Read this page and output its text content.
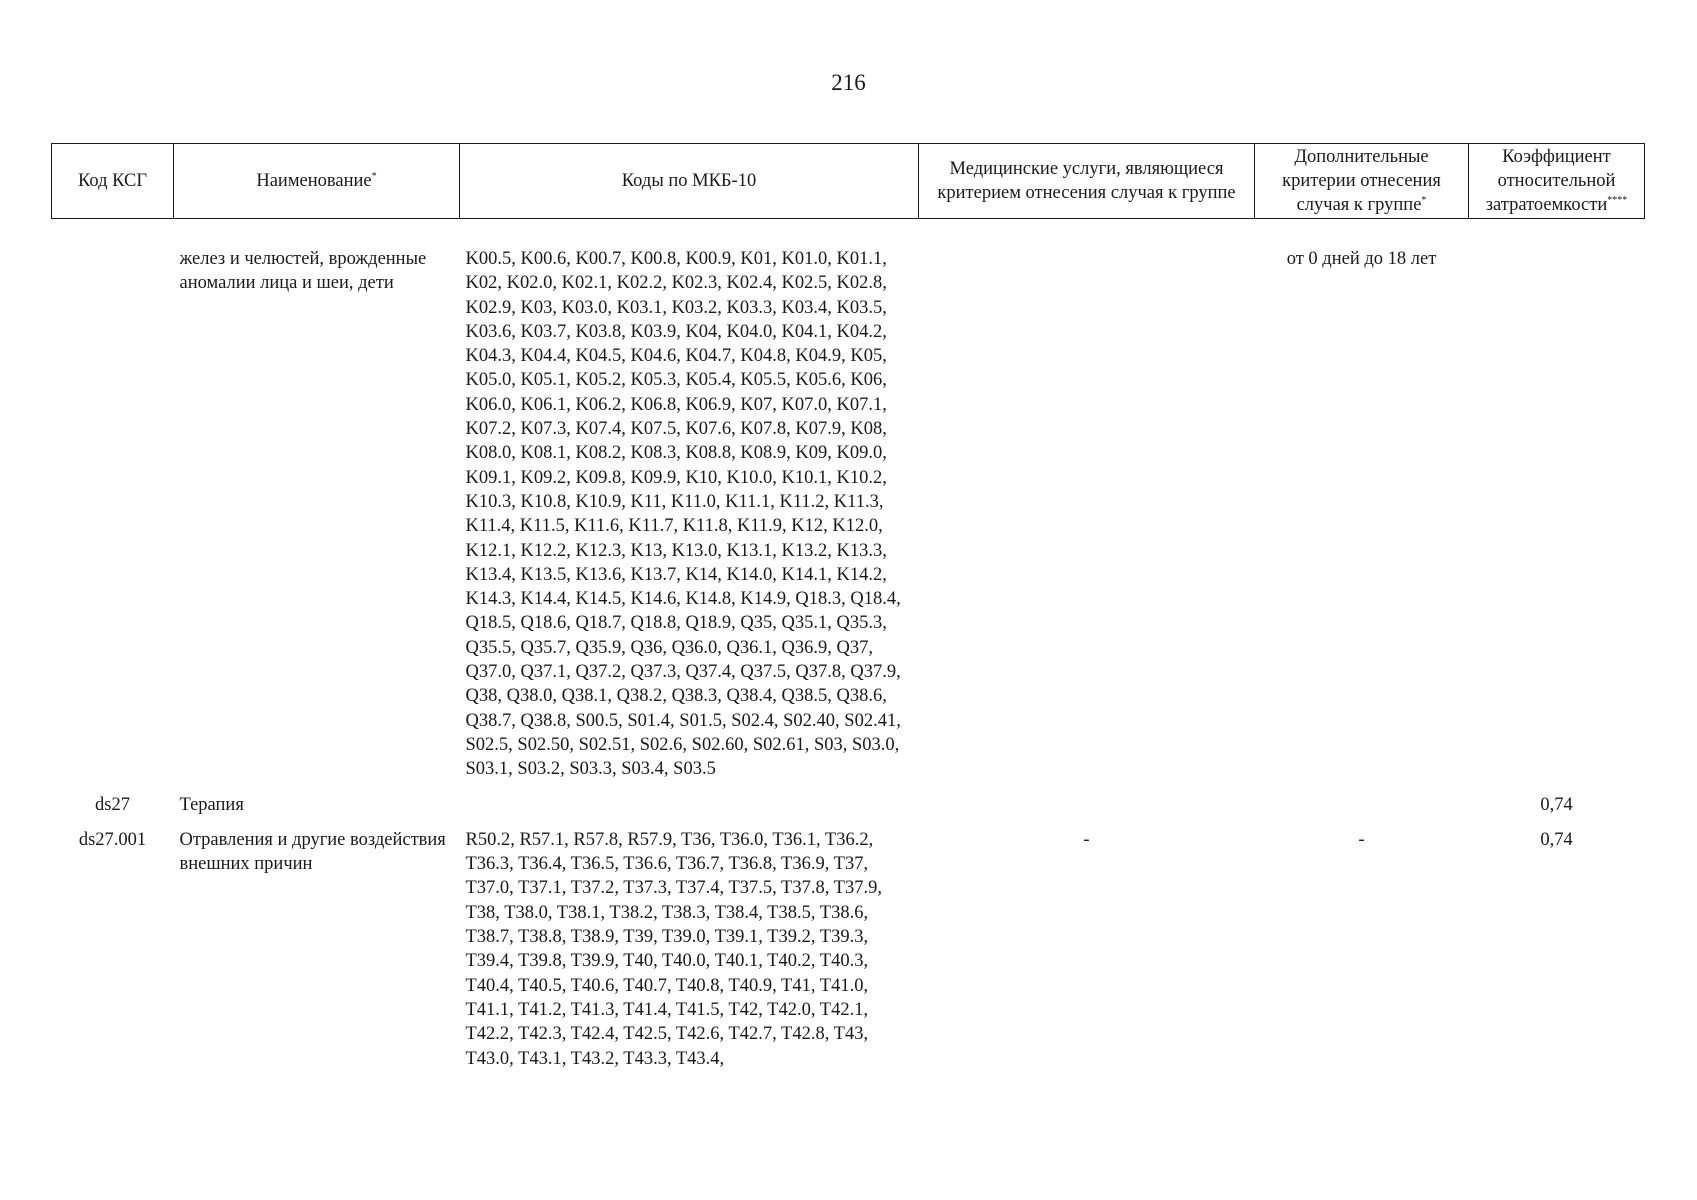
216
Код КСГ	Наименование*	Коды по МКБ-10	Медицинские услуги, являющиеся критерием отнесения случая к группе	Дополнительные критерии отнесения случая к группе*	Коэффициент относительной затратоемкости****
	желез‌ и челюстей, врожденные аномалии лица и шеи, дети	K00.5, K00.6, K00.7, K00.8, K00.9, K01, K01.0, K01.1, K02, K02.0, K02.1, K02.2, K02.3, K02.4, K02.5, K02.8, K02.9, K03, K03.0, K03.1, K03.2, K03.3, K03.4, K03.5, K03.6, K03.7, K03.8, K03.9, K04, K04.0, K04.1, K04.2, K04.3, K04.4, K04.5, K04.6, K04.7, K04.8, K04.9, K05, K05.0, K05.1, K05.2, K05.3, K05.4, K05.5, K05.6, K06, K06.0, K06.1, K06.2, K06.8, K06.9, K07, K07.0, K07.1, K07.2, K07.3, K07.4, K07.5, K07.6, K07.8, K07.9, K08, K08.0, K08.1, K08.2, K08.3, K08.8, K08.9, K09, K09.0, K09.1, K09.2, K09.8, K09.9, K10, K10.0, K10.1, K10.2, K10.3, K10.8, K10.9, K11, K11.0, K11.1, K11.2, K11.3, K11.4, K11.5, K11.6, K11.7, K11.8, K11.9, K12, K12.0, K12.1, K12.2, K12.3, K13, K13.0, K13.1, K13.2, K13.3, K13.4, K13.5, K13.6, K13.7, K14, K14.0, K14.1, K14.2, K14.3, K14.4, K14.5, K14.6, K14.8, K14.9, Q18.3, Q18.4, Q18.5, Q18.6, Q18.7, Q18.8, Q18.9, Q35, Q35.1, Q35.3, Q35.5, Q35.7, Q35.9, Q36, Q36.0, Q36.1, Q36.9, Q37, Q37.0, Q37.1, Q37.2, Q37.3, Q37.4, Q37.5, Q37.8, Q37.9, Q38, Q38.0, Q38.1, Q38.2, Q38.3, Q38.4, Q38.5, Q38.6, Q38.7, Q38.8, S00.5, S01.4, S01.5, S02.4, S02.40, S02.41, S02.5, S02.50, S02.51, S02.6, S02.60, S02.61, S03, S03.0, S03.1, S03.2, S03.3, S03.4, S03.5		от 0 дней до 18 лет	
ds27	Терапия				0,74
ds27.001	Отравления и другие воздействия внешних причин	R50.2, R57.1, R57.8, R57.9, T36, T36.0, T36.1, T36.2, T36.3, T36.4, T36.5, T36.6, T36.7, T36.8, T36.9, T37, T37.0, T37.1, T37.2, T37.3, T37.4, T37.5, T37.8, T37.9, T38, T38.0, T38.1, T38.2, T38.3, T38.4, T38.5, T38.6, T38.7, T38.8, T38.9, T39, T39.0, T39.1, T39.2, T39.3, T39.4, T39.8, T39.9, T40, T40.0, T40.1, T40.2, T40.3, T40.4, T40.5, T40.6, T40.7, T40.8, T40.9, T41, T41.0, T41.1, T41.2, T41.3, T41.4, T41.5, T42, T42.0, T42.1, T42.2, T42.3, T42.4, T42.5, T42.6, T42.7, T42.8, T43, T43.0, T43.1, T43.2, T43.3, T43.4,	-	-	0,74
